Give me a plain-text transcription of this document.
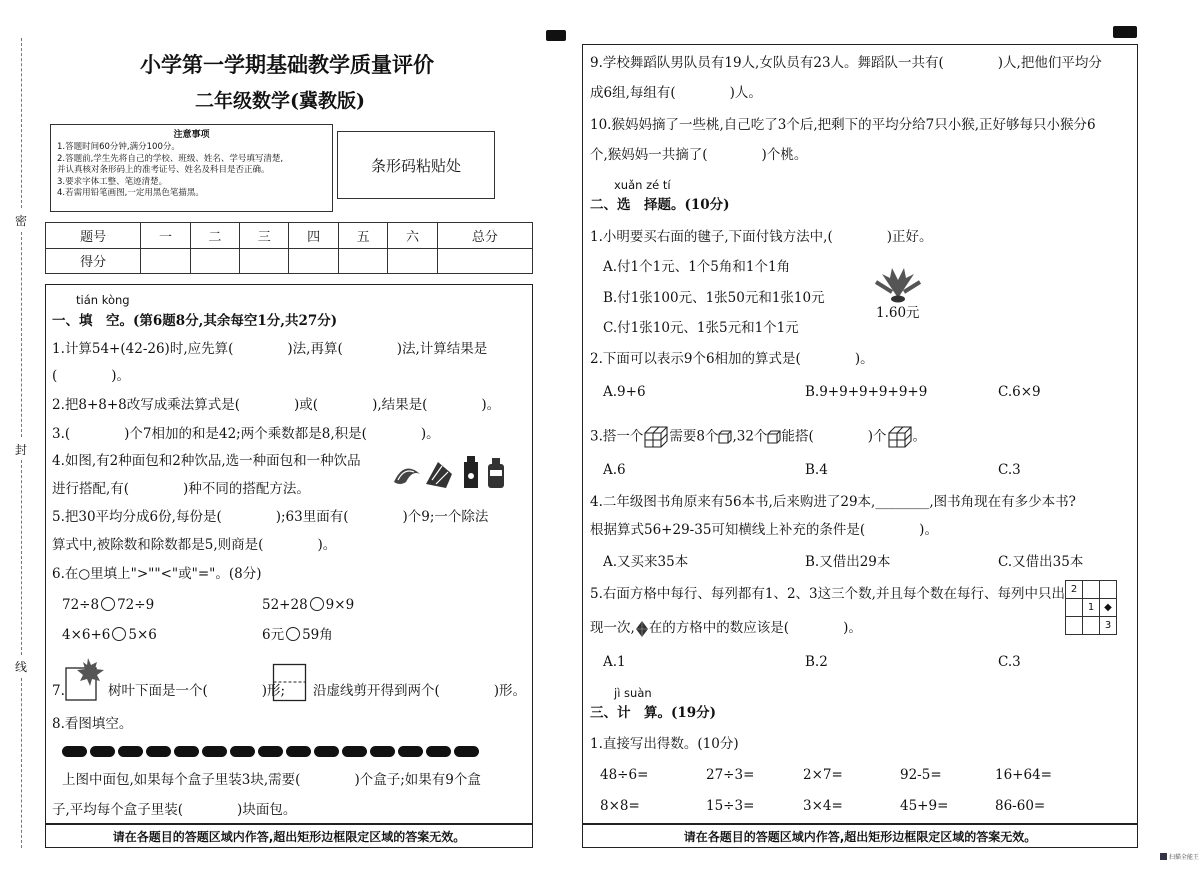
密
封
线
小学第一学期基础教学质量评价
二年级数学(冀教版)
注意事项
1.答题时间60分钟,满分100分。
2.答题前,学生先将自己的学校、班级、姓名、学号填写清楚,
并认真核对条形码上的准考证号、姓名及科目是否正确。
3.要求字体工整、笔迹清楚。
4.若需用铅笔画图,一定用黑色笔描黑。
条形码粘贴处
题号	一	二	三	四	五	六	总分
得分							
tián kòng
一、填　空。(第6题8分,其余每空1分,共27分)
1.计算54+(42-26)时,应先算(　　　　)法,再算(　　　　)法,计算结果是
(　　　　)。
2.把8+8+8改写成乘法算式是(　　　　)或(　　　　),结果是(　　　　)。
3.(　　　　)个7相加的和是42;两个乘数都是8,积是(　　　　)。
4.如图,有2种面包和2种饮品,选一种面包和一种饮品
进行搭配,有(　　　　)种不同的搭配方法。
5.把30平均分成6份,每份是(　　　　);63里面有(　　　　)个9;一个除法
算式中,被除数和除数都是5,则商是(　　　　)。
6.在○里填上">""<"或"="。(8分)
72÷8 72÷9	52+28 9×9
4×6+6 5×6	6元 59角
7.	树叶下面是一个(　　　　)形; 沿虚线剪开得到两个(　　　　)形。
8.看图填空。
上图中面包,如果每个盒子里装3块,需要(　　　　)个盒子;如果有9个盒
子,平均每个盒子里装(　　　　)块面包。
请在各题目的答题区域内作答,超出矩形边框限定区域的答案无效。
9.学校舞蹈队男队员有19人,女队员有23人。舞蹈队一共有(　　　　)人,把他们平均分
成6组,每组有(　　　　)人。
10.猴妈妈摘了一些桃,自己吃了3个后,把剩下的平均分给7只小猴,正好够每只小猴分6
个,猴妈妈一共摘了(　　　　)个桃。
xuǎn zé tí
二、选　择题。(10分)
1.小明要买右面的毽子,下面付钱方法中,(　　　　)正好。
A.付1个1元、1个5角和1个1角
B.付1张100元、1张50元和1张10元
C.付1张10元、1张5元和1个1元
1.60元
2.下面可以表示9个6相加的算式是(　　　　)。
A.9+6	B.9+9+9+9+9+9	C.6×9
3.搭一个 需要8个 ,32个 能搭(　　　　)个 。
A.6	B.4	C.3
4.二年级图书角原来有56本书,后来购进了29本,________,图书角现在有多少本书?
根据算式56+29-35可知横线上补充的条件是(　　　　)。
A.又买来35本	B.又借出29本	C.又借出35本
5.右面方格中每行、每列都有1、2、3这三个数,并且每个数在每行、每列中只出
现一次, 在的方格中的数应该是(　　　　)。
2		
	1	◆
		3
A.1	B.2	C.3
jì suàn
三、计　算。(19分)
1.直接写出得数。(10分)
48÷6=	27÷3=	2×7=	92-5=	16+64=
8×8=	15÷3=	3×4=	45+9=	86-60=
请在各题目的答题区域内作答,超出矩形边框限定区域的答案无效。
扫描全能王
